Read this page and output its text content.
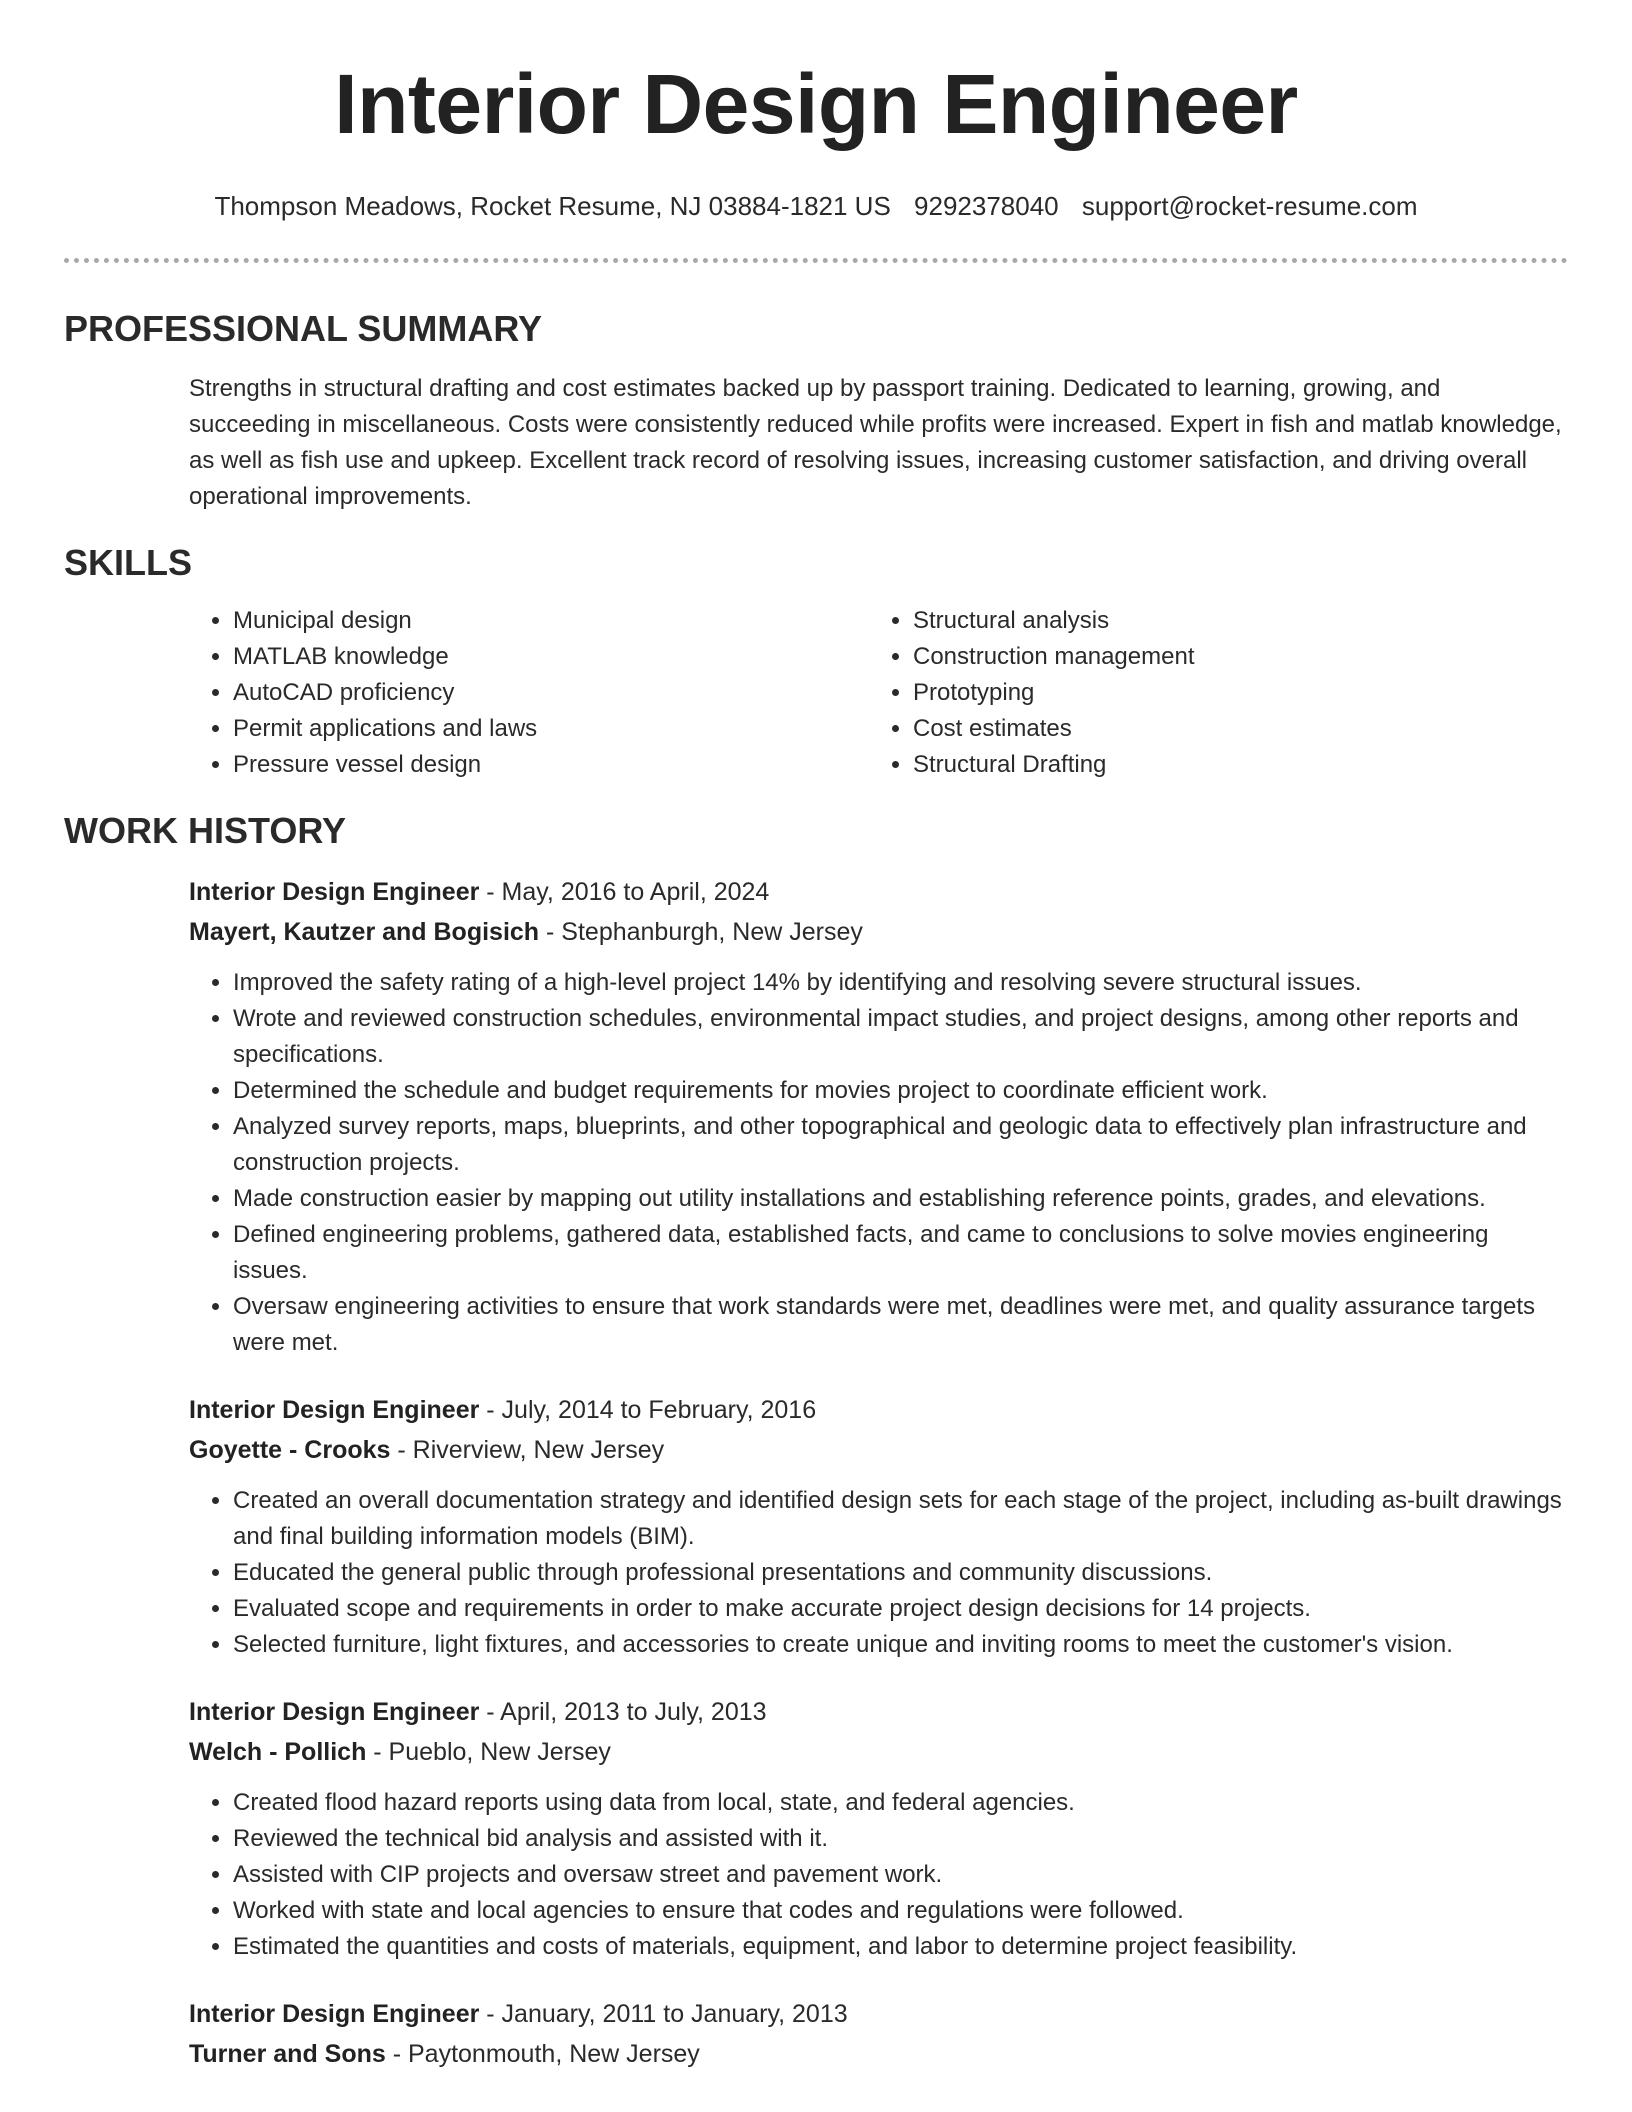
Interior Design Engineer
Thompson Meadows, Rocket Resume, NJ 03884-1821 US 9292378040 support@rocket-resume.com
PROFESSIONAL SUMMARY
Strengths in structural drafting and cost estimates backed up by passport training. Dedicated to learning, growing, and succeeding in miscellaneous. Costs were consistently reduced while profits were increased. Expert in fish and matlab knowledge, as well as fish use and upkeep. Excellent track record of resolving issues, increasing customer satisfaction, and driving overall operational improvements.
SKILLS
• Municipal design
• MATLAB knowledge
• AutoCAD proficiency
• Permit applications and laws
• Pressure vessel design
• Structural analysis
• Construction management
• Prototyping
• Cost estimates
• Structural Drafting
WORK HISTORY
Interior Design Engineer - May, 2016 to April, 2024
Mayert, Kautzer and Bogisich - Stephanburgh, New Jersey
• Improved the safety rating of a high-level project 14% by identifying and resolving severe structural issues.
• Wrote and reviewed construction schedules, environmental impact studies, and project designs, among other reports and specifications.
• Determined the schedule and budget requirements for movies project to coordinate efficient work.
• Analyzed survey reports, maps, blueprints, and other topographical and geologic data to effectively plan infrastructure and construction projects.
• Made construction easier by mapping out utility installations and establishing reference points, grades, and elevations.
• Defined engineering problems, gathered data, established facts, and came to conclusions to solve movies engineering issues.
• Oversaw engineering activities to ensure that work standards were met, deadlines were met, and quality assurance targets were met.
Interior Design Engineer - July, 2014 to February, 2016
Goyette - Crooks - Riverview, New Jersey
• Created an overall documentation strategy and identified design sets for each stage of the project, including as-built drawings and final building information models (BIM).
• Educated the general public through professional presentations and community discussions.
• Evaluated scope and requirements in order to make accurate project design decisions for 14 projects.
• Selected furniture, light fixtures, and accessories to create unique and inviting rooms to meet the customer's vision.
Interior Design Engineer - April, 2013 to July, 2013
Welch - Pollich - Pueblo, New Jersey
• Created flood hazard reports using data from local, state, and federal agencies.
• Reviewed the technical bid analysis and assisted with it.
• Assisted with CIP projects and oversaw street and pavement work.
• Worked with state and local agencies to ensure that codes and regulations were followed.
• Estimated the quantities and costs of materials, equipment, and labor to determine project feasibility.
Interior Design Engineer - January, 2011 to January, 2013
Turner and Sons - Paytonmouth, New Jersey
